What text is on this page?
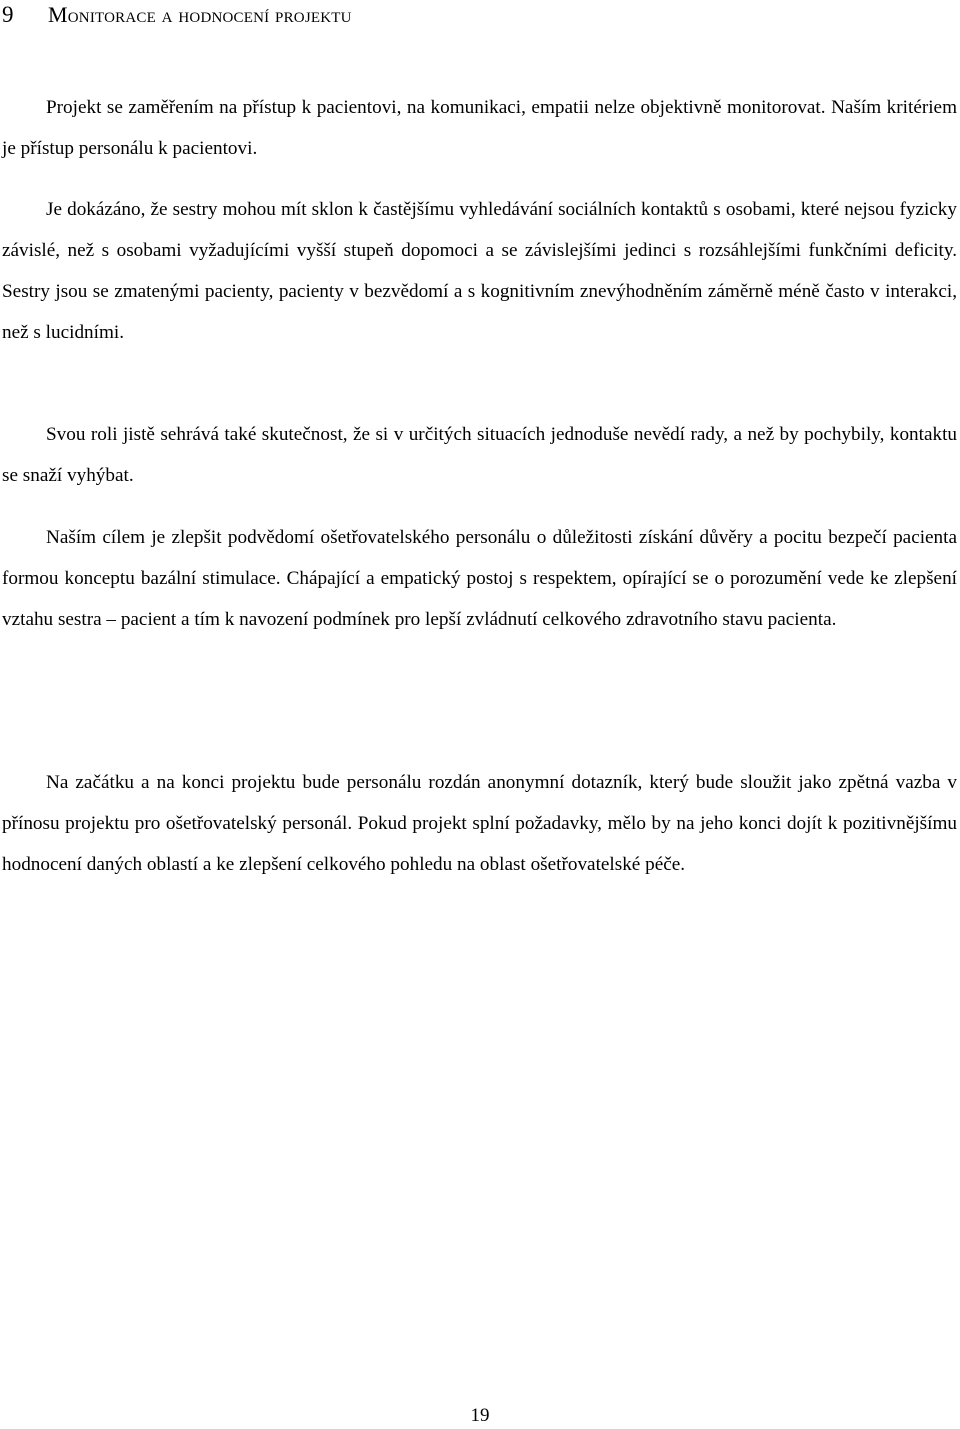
9 Monitorace a hodnocení projektu

Projekt se zaměřením na přístup k pacientovi, na komunikaci, empatii nelze objektivně monitorovat. Naším kritériem je přístup personálu k pacientovi.

Je dokázáno, že sestry mohou mít sklon k častějšímu vyhledávání sociálních kontaktů s osobami, které nejsou fyzicky závislé, než s osobami vyžadujícími vyšší stupeň dopomoci a se závislejšími jedinci s rozsáhlejšími funkčními deficity. Sestry jsou se zmatenými pacienty, pacienty v bezvědomí a s kognitivním znevýhodněním záměrně méně často v interakci, než s lucidními.

Svou roli jistě sehrává také skutečnost, že si v určitých situacích jednoduše nevědí rady, a než by pochybily, kontaktu se snaží vyhýbat.

Naším cílem je zlepšit podvědomí ošetřovatelského personálu o důležitosti získání důvěry a pocitu bezpečí pacienta formou konceptu bazální stimulace. Chápající a empatický postoj s respektem, opírající se o porozumění vede ke zlepšení vztahu sestra – pacient a tím k navození podmínek pro lepší zvládnutí celkového zdravotního stavu pacienta.

Na začátku a na konci projektu bude personálu rozdán anonymní dotazník, který bude sloužit jako zpětná vazba v přínosu projektu pro ošetřovatelský personál. Pokud projekt splní požadavky, mělo by na jeho konci dojít k pozitivnějšímu hodnocení daných oblastí a ke zlepšení celkového pohledu na oblast ošetřovatelské péče.

19
